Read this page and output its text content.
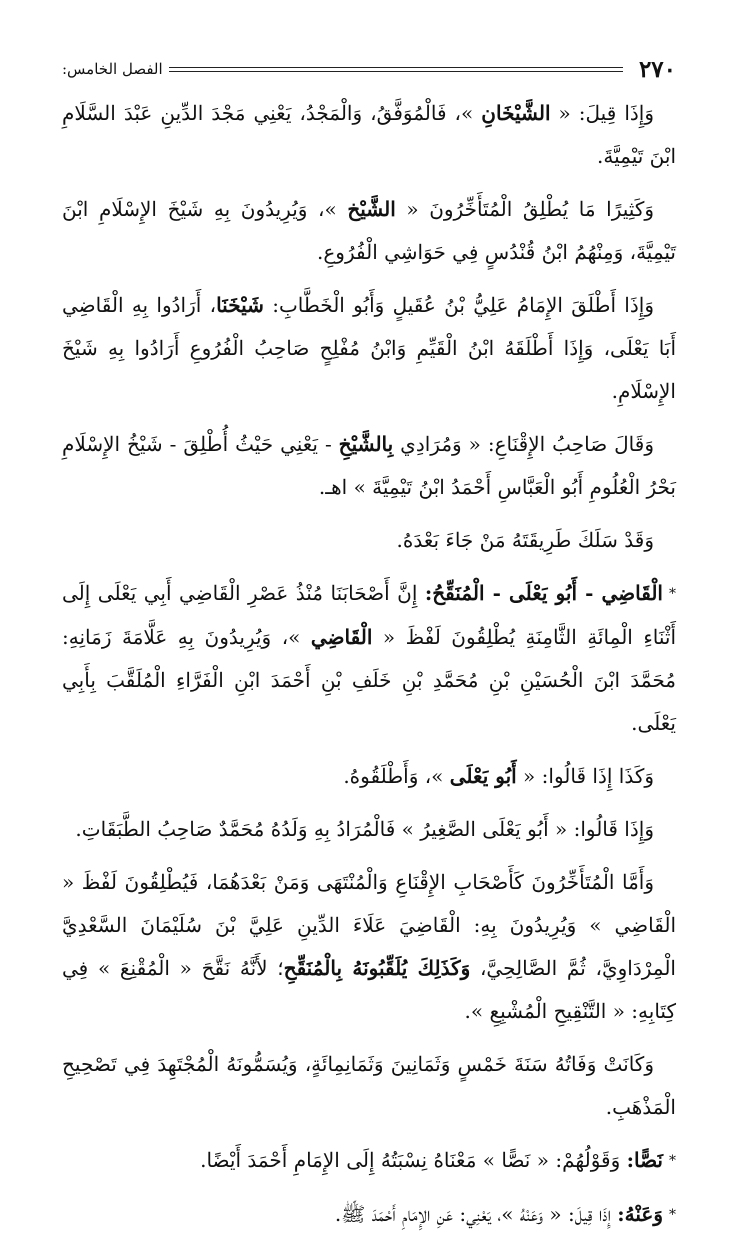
٢٧٠
الفصل الخامس:

وَإِذَا قِيلَ: « الشَّيْخَانِ »، فَالْمُوَفَّقُ، وَالْمَجْدُ، يَعْنِي مَجْدَ الدِّينِ عَبْدَ السَّلَامِ ابْنَ تَيْمِيَّةَ.

وَكَثِيرًا مَا يُطْلِقُ الْمُتَأَخِّرُونَ « الشَّيْخ »، وَيُرِيدُونَ بِهِ شَيْخَ الإِسْلَامِ ابْنَ تَيْمِيَّةَ، وَمِنْهُمُ ابْنُ قُنْدُسٍ فِي حَوَاشِي الْفُرُوعِ.

وَإِذَا أَطْلَقَ الإِمَامُ عَلِيُّ بْنُ عُقَيلٍ وَأَبُو الْخَطَّابِ: شَيْخَنَا، أَرَادُوا بِهِ الْقَاضِي أَبَا يَعْلَى، وَإِذَا أَطْلَقَهُ ابْنُ الْقَيِّمِ وَابْنُ مُفْلِحٍ صَاحِبُ الْفُرُوعِ أَرَادُوا بِهِ شَيْخَ الإِسْلَامِ.

وَقَالَ صَاحِبُ الإِقْنَاعِ: « وَمُرَادِي بِالشَّيْخِ - يَعْنِي حَيْثُ أُطْلِقَ - شَيْخُ الإِسْلَامِ بَحْرُ الْعُلُومِ أَبُو الْعَبَّاسِ أَحْمَدُ ابْنُ تَيْمِيَّةَ » اهـ.

وَقَدْ سَلَكَ طَرِيقَتَهُ مَنْ جَاءَ بَعْدَهُ.

*الْقَاضِي - أَبُو يَعْلَى - الْمُنَقِّحُ: إِنَّ أَصْحَابَنَا مُنْذُ عَصْرِ الْقَاضِي أَبِي يَعْلَى إِلَى أَثْنَاءِ الْمِائَةِ الثَّامِنَةِ يُطْلِقُونَ لَفْظَ « الْقَاضِي »، وَيُرِيدُونَ بِهِ عَلَّامَةَ زَمَانِهِ: مُحَمَّدَ ابْنَ الْحُسَيْنِ بْنِ مُحَمَّدِ بْنِ خَلَفِ بْنِ أَحْمَدَ ابْنِ الْفَرَّاءِ الْمُلَقَّبَ بِأَبِي يَعْلَى.

وَكَذَا إِذَا قَالُوا: « أَبُو يَعْلَى »، وَأَطْلَقُوهُ.

وَإِذَا قَالُوا: « أَبُو يَعْلَى الصَّغِيرُ » فَالْمُرَادُ بِهِ وَلَدُهُ مُحَمَّدٌ صَاحِبُ الطَّبَقَاتِ.

وَأَمَّا الْمُتَأَخِّرُونَ كَأَصْحَابِ الإِقْنَاعِ وَالْمُنْتَهَى وَمَنْ بَعْدَهُمَا، فَيُطْلِقُونَ لَفْظَ « الْقَاضِي » وَيُرِيدُونَ بِهِ: الْقَاضِيَ عَلَاءَ الدِّينِ عَلِيَّ بْنَ سُلَيْمَانَ السَّعْدِيَّ الْمِرْدَاوِيَّ، ثُمَّ الصَّالِحِيَّ، وَكَذَلِكَ يُلَقِّبُونَهُ بِالْمُنَقِّحِ؛ لأَنَّهُ نَقَّحَ « الْمُقْنِعَ » فِي كِتَابِهِ: « التَّنْقِيحِ الْمُشْبِعِ ».

وَكَانَتْ وَفَاتُهُ سَنَةَ خَمْسٍ وَثَمَانِينَ وَثَمَانِمِائَةٍ، وَيُسَمُّونَهُ الْمُجْتَهِدَ فِي تَصْحِيحِ الْمَذْهَبِ.

*نَصًّا: وَقَوْلُهُمْ: « نَصًّا » مَعْنَاهُ نِسْبَتُهُ إِلَى الإِمَامِ أَحْمَدَ أَيْضًا.

*وَعَنْهُ: إِذَا قِيلَ: « وَعَنْهُ »، يَعْنِي: عَنِ الإِمَامِ أَحْمَدَ ﷺ.
